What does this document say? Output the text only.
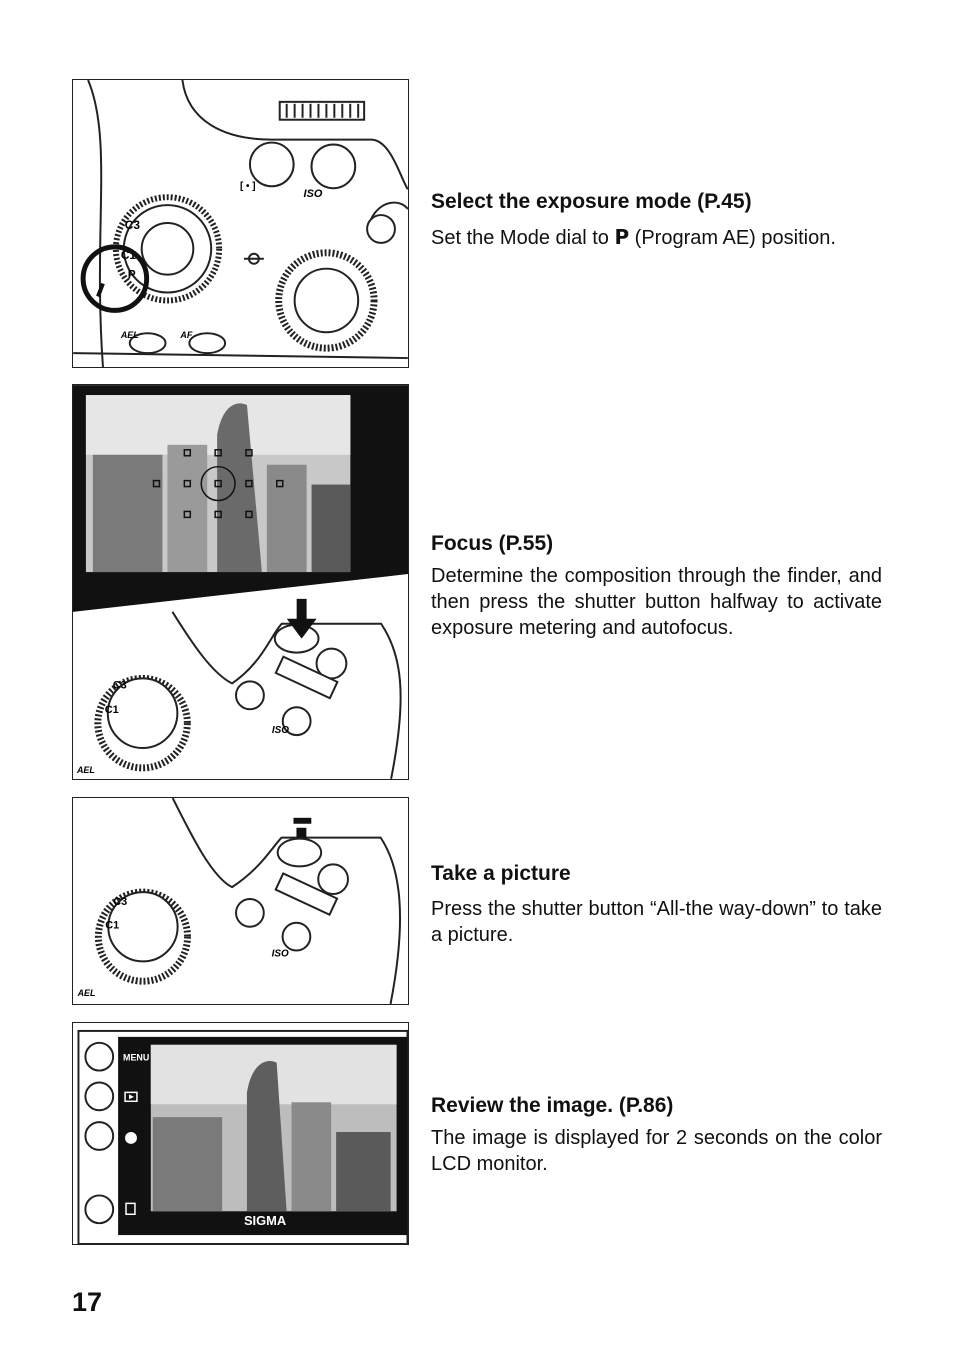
[ • ]
ISO
C3
C1
P
AEL	AF
ISO
C3
C1
AEL
ISO
C3
C1
AEL
MENU
SIGMA
Select the exposure mode (P.45)

Set the Mode dial to P (Program AE) position.

Focus (P.55)

Determine the composition through the finder, and then press the shutter button halfway to activate exposure metering and autofocus.

Take a picture

Press the shutter button “All-the way-down” to take a picture.

Review the image. (P.86)

The image is displayed for 2 seconds on the color LCD monitor.

17
